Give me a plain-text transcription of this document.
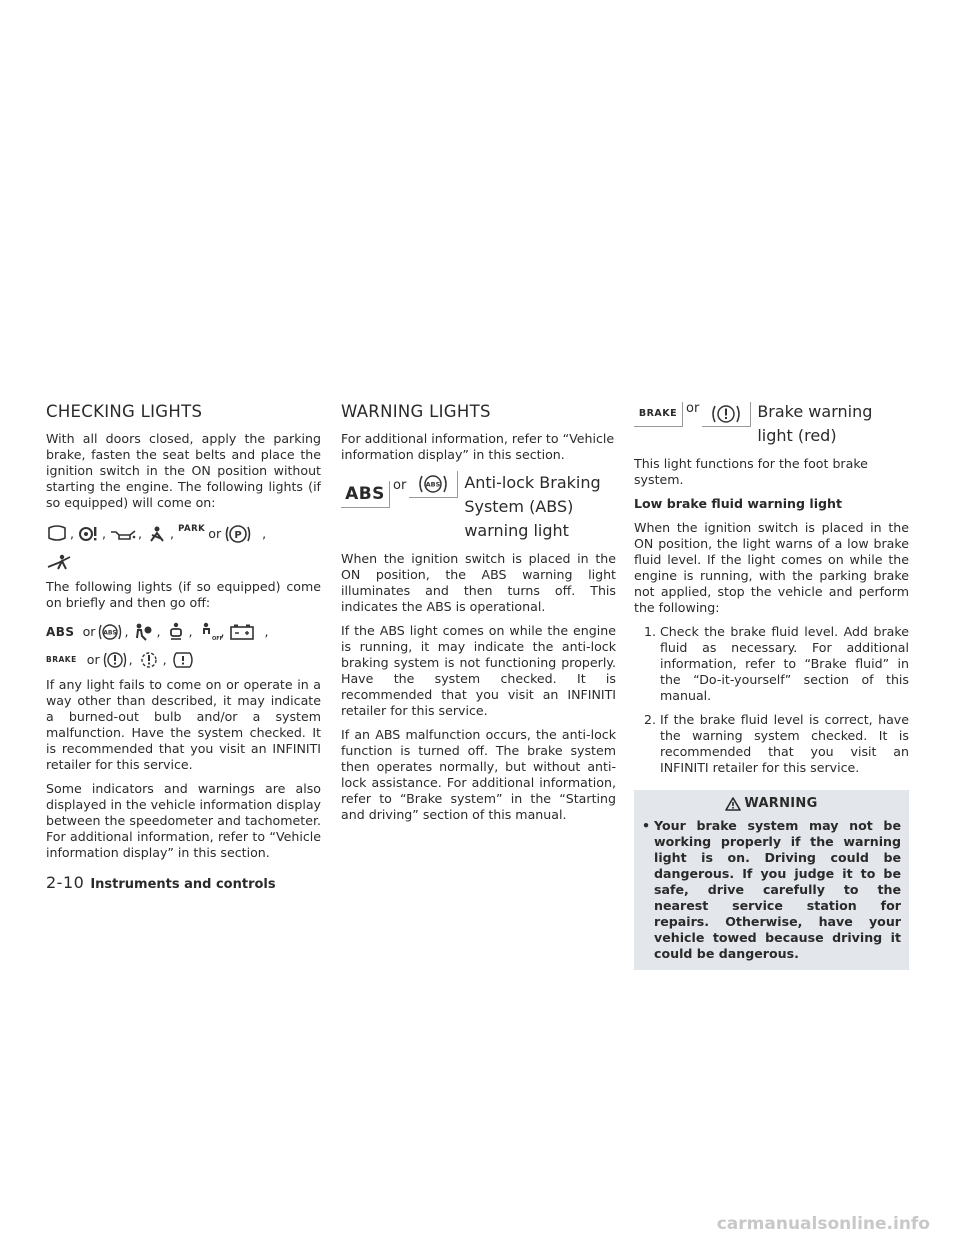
CHECKING LIGHTS

With all doors closed, apply the parking brake, fasten the seat belts and place the ignition switch in the ON position without starting the engine. The following lights (if so equipped) will come on:

, ,	, , PARK or P ,

The following lights (if so equipped) come on briefly and then go off:

ABS or ABS , , ,	OFF
,	,
BRAKE or , ,

If any light fails to come on or operate in a way other than described, it may indicate a burned-out bulb and/or a system malfunction. Have the system checked. It is recommended that you visit an INFINITI retailer for this service.

Some indicators and warnings are also displayed in the vehicle information display between the speedometer and tachometer. For additional information, refer to “Vehicle information display” in this section.

WARNING LIGHTS

For additional information, refer to “Vehicle information display” in this section.

ABS or	ABS Anti-lock Braking System (ABS) warning light

When the ignition switch is placed in the ON position, the ABS warning light illuminates and then turns off. This indicates the ABS is operational.

If the ABS light comes on while the engine is running, it may indicate the anti-lock braking system is not functioning properly. Have the system checked. It is recommended that you visit an INFINITI retailer for this service.

If an ABS malfunction occurs, the anti-lock function is turned off. The brake system then operates normally, but without anti-lock assistance. For additional information, refer to “Brake system” in the “Starting and driving” section of this manual.

BRAKE or	Brake warning light (red)

This light functions for the foot brake system.

Low brake fluid warning light

When the ignition switch is placed in the ON position, the light warns of a low brake fluid level. If the light comes on while the engine is running, with the parking brake not applied, stop the vehicle and perform the following:

1. Check the brake fluid level. Add brake fluid as necessary. For additional information, refer to “Brake fluid” in the “Do-it-yourself” section of this manual.
2. If the brake fluid level is correct, have the warning system checked. It is recommended that you visit an INFINITI retailer for this service.
WARNING
• Your brake system may not be working properly if the warning light is on. Driving could be dangerous. If you judge it to be safe, drive carefully to the nearest service station for repairs. Otherwise, have your vehicle towed because driving it could be dangerous.
2-10 Instruments and controls
carmanualsonline.info
